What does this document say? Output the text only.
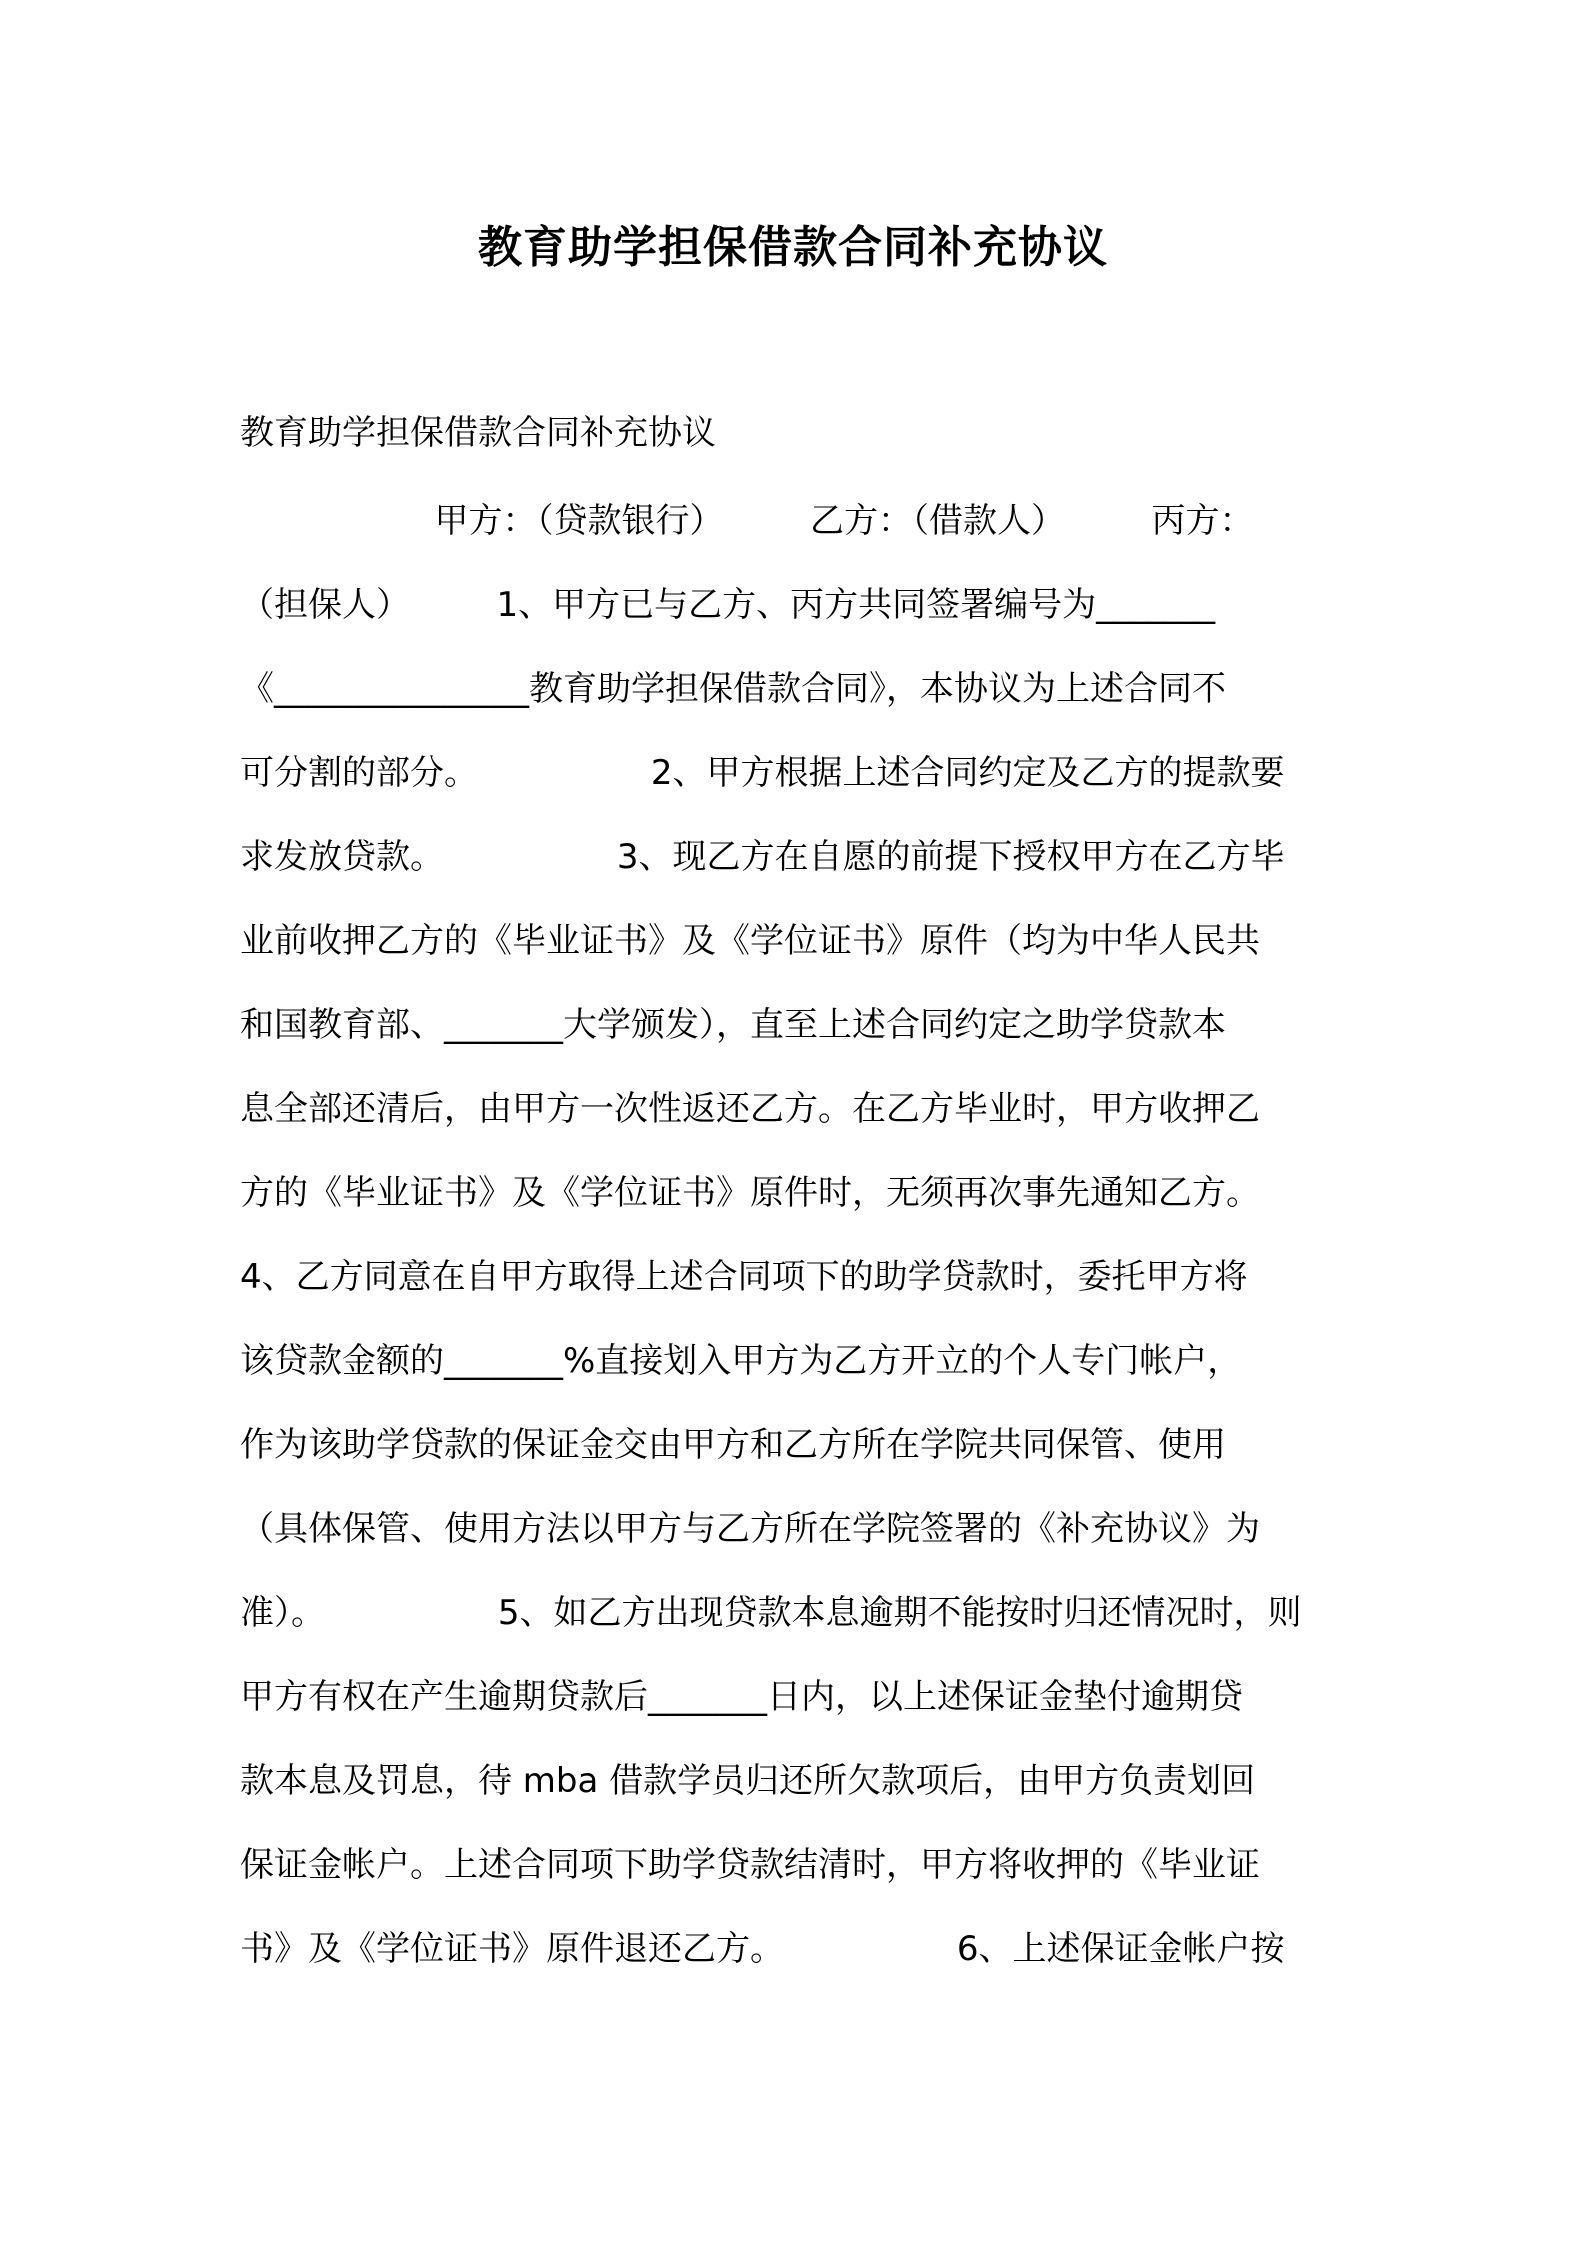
教育助学担保借款合同补充协议
教育助学担保借款合同补充协议
甲方：（贷款银行）        乙方：（借款人）        丙方：
（担保人）        1、甲方已与乙方、丙方共同签署编号为_______
《_______________教育助学担保借款合同》，本协议为上述合同不
可分割的部分。                2、甲方根据上述合同约定及乙方的提款要
求发放贷款。                3、现乙方在自愿的前提下授权甲方在乙方毕
业前收押乙方的《毕业证书》及《学位证书》原件（均为中华人民共
和国教育部、_______大学颁发），直至上述合同约定之助学贷款本
息全部还清后，由甲方一次性返还乙方。在乙方毕业时，甲方收押乙
方的《毕业证书》及《学位证书》原件时，无须再次事先通知乙方。
4、乙方同意在自甲方取得上述合同项下的助学贷款时，委托甲方将
该贷款金额的_______%直接划入甲方为乙方开立的个人专门帐户，
作为该助学贷款的保证金交由甲方和乙方所在学院共同保管、使用
（具体保管、使用方法以甲方与乙方所在学院签署的《补充协议》为
准）。                5、如乙方出现贷款本息逾期不能按时归还情况时，则
甲方有权在产生逾期贷款后_______日内，以上述保证金垫付逾期贷
款本息及罚息，待 mba 借款学员归还所欠款项后，由甲方负责划回
保证金帐户。上述合同项下助学贷款结清时，甲方将收押的《毕业证
书》及《学位证书》原件退还乙方。                6、上述保证金帐户按
